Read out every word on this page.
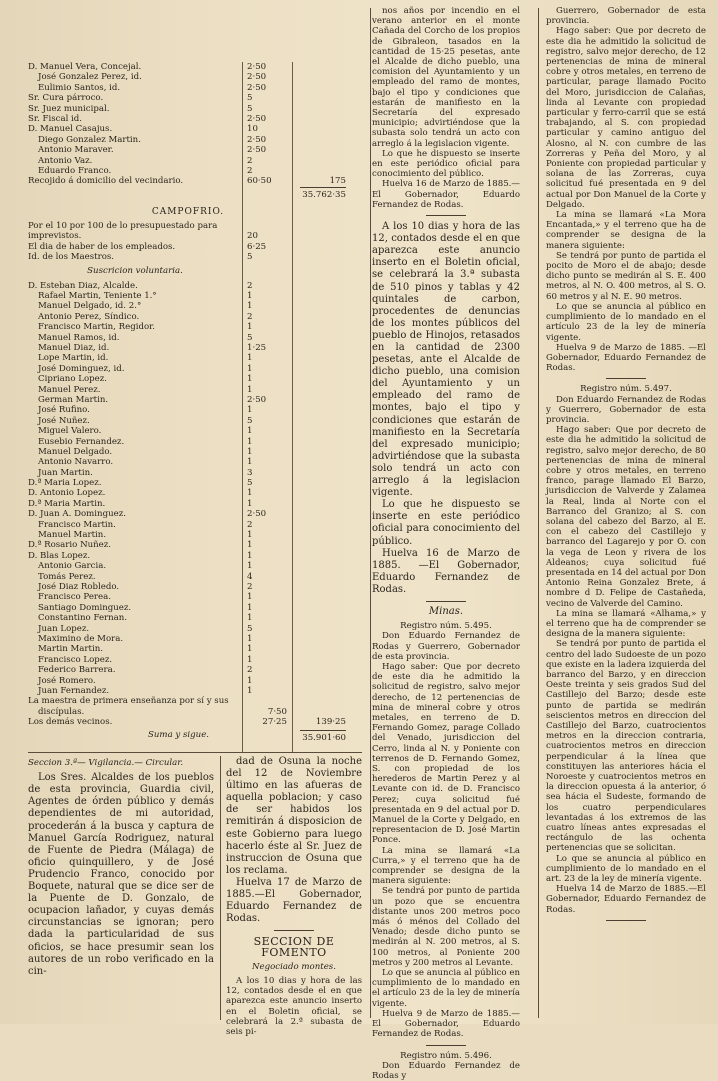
D. Manuel Vera, Concejal.	2·50
José Gonzalez Perez, id.	2·50
Eulimio Santos, id.	2·50
Sr. Cura párroco.	5
Sr. Juez municipal.	5
Sr. Fiscal id.	2·50
D. Manuel Casajus.	10
Diego Gonzalez Martin.	2·50
Antonio Maraver.	2·50
Antonio Vaz.	2
Eduardo Franco.	2
Recojido á domicilio del vecindario.	60·50	175
35.762·35
CAMPOFRIO.
Por el 10 por 100 de lo presupuestado para
imprevistos.	20
El dia de haber de los empleados.	6·25
Id. de los Maestros.	5
Suscricion voluntaria.
D. Esteban Diaz, Alcalde.	2
Rafael Martin, Teniente 1.°	1
Manuel Delgado, id. 2.°	1
Antonio Perez, Síndico.	2
Francisco Martin, Regidor.	1
Manuel Ramos, id.	5
Manuel Diaz, id.	1·25
Lope Martin, id.	1
José Dominguez, id.	1
Cipriano Lopez.	1
Manuel Perez.	1
German Martin.	2·50
José Rufino.	1
José Nuñez.	5
Miguel Valero.	1
Eusebio Fernandez.	1
Manuel Delgado.	1
Antonio Navarro.	1
Juan Martin.	3
D.ª Maria Lopez.	5
D. Antonio Lopez.	1
D.ª Maria Martin.	1
D. Juan A. Dominguez.	2·50
Francisco Martin.	2
Manuel Martin.	1
D.ª Rosario Nuñez.	1
D. Blas Lopez.	1
Antonio Garcia.	1
Tomás Perez.	4
José Diaz Robledo.	2
Francisco Perea.	1
Santiago Dominguez.	1
Constantino Fernan.	1
Juan Lopez.	5
Maximino de Mora.	1
Martin Martin.	1
Francisco Lopez.	1
Federico Barrera.	2
José Romero.	1
Juan Fernandez.	1
La maestra de primera enseñanza por sí y sus
discípulas.	7·50
Los demás vecinos.	27·25	139·25
Suma y sigue.	35.901·60

nos años por incendio en el verano anterior en el monte Cañada del Corcho de los propios de Gibraleon, tasados en la cantidad de 15·25 pesetas, ante el Alcalde de dicho pueblo, una comision del Ayuntamiento y un empleado del ramo de montes, bajo el tipo y condiciones que estarán de manifiesto en la Secretaría del expresado municipio; advirtiéndose que la subasta solo tendrá un acto con arreglo á la legislacion vigente.

Lo que he dispuesto se inserte en este periódico oficial para conocimiento del público.

Huelva 16 de Marzo de 1885.—El Gobernador, Eduardo Fernandez de Rodas.

A los 10 dias y hora de las 12, contados desde el en que aparezca este anuncio inserto en el Boletin oficial, se celebrará la 3.ª subasta de 510 pinos y tablas y 42 quintales de carbon, procedentes de denuncias de los montes públicos del pueblo de Hinojos, retasados en la cantidad de 2300 pesetas, ante el Alcalde de dicho pueblo, una comision del Ayuntamiento y un empleado del ramo de montes, bajo el tipo y condiciones que estarán de manifiesto en la Secretaría del expresado municipio; advirtiéndose que la subasta solo tendrá un acto con arreglo á la legislacion vigente.

Lo que he dispuesto se inserte en este periódico oficial para conocimiento del público.

Huelva 16 de Marzo de 1885. —El Gobernador, Eduardo Fernandez de Rodas.

Minas.
Registro núm. 5.495.

Don Eduardo Fernandez de Rodas y Guerrero, Gobernador de esta provincia.

Hago saber: Que por decreto de este dia he admitido la solicitud de registro, salvo mejor derecho, de 12 pertenencias de mina de mineral cobre y otros metales, en terreno de D. Fernando Gomez, parage Collado del Venado, jurisdiccion del Cerro, linda al N. y Poniente con terrenos de D. Fernando Gomez, S. con propiedad de los herederos de Martin Perez y al Levante con id. de D. Francisco Perez; cuya solicitud fué presentada en 9 del actual por D. Manuel de la Corte y Delgado, en representacion de D. José Martin Ponce.

La mina se llamará «La Curra,» y el terreno que ha de comprender se designa de la manera siguiente:

Se tendrá por punto de partida un pozo que se encuentra distante unos 200 metros poco más ó ménos del Collado del Venado; desde dicho punto se medirán al N. 200 metros, al S. 100 metros, al Poniente 200 metros y 200 metros al Levante.

Lo que se anuncia al público en cumplimiento de lo mandado en el artículo 23 de la ley de minería vigente.

Huelva 9 de Marzo de 1885.—El Gobernador, Eduardo Fernandez de Rodas.

Registro núm. 5.496.

Don Eduardo Fernandez de Rodas y

Guerrero, Gobernador de esta provincia.

Hago saber: Que por decreto de este dia he admitido la solicitud de registro, salvo mejor derecho, de 12 pertenencias de mina de mineral cobre y otros metales, en terreno de particular, parage llamado Pocito del Moro, jurisdiccion de Calañas, linda al Levante con propiedad particular y ferro-carril que se está trabajando, al S. con propiedad particular y camino antiguo del Alosno, al N. con cumbre de las Zorreras y Peña del Moro, y al Poniente con propiedad particular y solana de las Zorreras, cuya solicitud fué presentada en 9 del actual por Don Manuel de la Corte y Delgado.

La mina se llamará «La Mora Encantada,» y el terreno que ha de comprender se designa de la manera siguiente:

Se tendrá por punto de partida el pocito de Moro el de abajo; desde dicho punto se medirán al S. E. 400 metros, al N. O. 400 metros, al S. O. 60 metros y al N. E. 90 metros.

Lo que se anuncia al público en cumplimiento de lo mandado en el artículo 23 de la ley de minería vigente.

Huelva 9 de Marzo de 1885. —El Gobernador, Eduardo Fernandez de Rodas.

Registro núm. 5.497.

Don Eduardo Fernandez de Rodas y Guerrero, Gobernador de esta provincia.

Hago saber: Que por decreto de este dia he admitido la solicitud de registro, salvo mejor derecho, de 80 pertenencias de mina de mineral cobre y otros metales, en terreno franco, parage llamado El Barzo, jurisdiccion de Valverde y Zalamea la Real, linda al Norte con el Barranco del Granizo; al S. con solana del cabezo del Barzo, al E. con el cabezo del Castillejo y barranco del Lagarejo y por O. con la vega de Leon y rivera de los Aldeanos; cuya solicitud fué presentada en 14 del actual por Don Antonio Reina Gonzalez Brete, á nombre d D. Felipe de Castañeda, vecino de Valverde del Camino.

La mina se llamará «Alhama,» y el terreno que ha de comprender se designa de la manera siguiente:

Se tendrá por punto de partida el centro del lado Sudoeste de un pozo que existe en la ladera izquierda del barranco del Barzo, y en direccion Oeste treinta y seis grados Sud del Castillejo del Barzo; desde este punto de partida se medirán seiscientos metros en direccion del Castillejo del Barzo, cuatrocientos metros en la direccion contraria, cuatrocientos metros en direccion perpendicular á la línea que constituyen las anteriores hácia el Noroeste y cuatrocientos metros en la direccion opuesta á la anterior, ó sea hácia el Sudeste, formando de los cuatro perpendiculares levantadas á los extremos de las cuatro líneas antes expresadas el rectángulo de las ochenta pertenencias que se solicitan.

Lo que se anuncia al público en cumplimiento de lo mandado en el art. 23 de la ley de minería vigente.

Huelva 14 de Marzo de 1885.—El Gobernador, Eduardo Fernandez de Rodas.

Seccion 3.ª— Vigilancia.— Circular.

Los Sres. Alcaldes de los pueblos de esta provincia, Guardia civil, Agentes de órden público y demás dependientes de mi autoridad, procederán á la busca y captura de Manuel García Rodriguez, natural de Fuente de Piedra (Málaga) de oficio quinquillero, y de José Prudencio Franco, conocido por Boquete, natural que se dice ser de la Puente de D. Gonzalo, de ocupacion lañador, y cuyas demás circunstancias se ignoran; pero dada la particularidad de sus oficios, se hace presumir sean los autores de un robo verificado en la cin-

dad de Osuna la noche del 12 de Noviembre último en las afueras de aquella poblacion; y caso de ser habidos los remitirán á disposicion de este Gobierno para luego hacerlo éste al Sr. Juez de instruccion de Osuna que los reclama.

Huelva 17 de Marzo de 1885.—El Gobernador, Eduardo Fernandez de Rodas.

SECCION DE FOMENTO
Negociado montes.

A los 10 dias y hora de las 12, contados desde el en que aparezca este anuncio inserto en el Boletin oficial, se celebrará la 2.ª subasta de seis pi-
